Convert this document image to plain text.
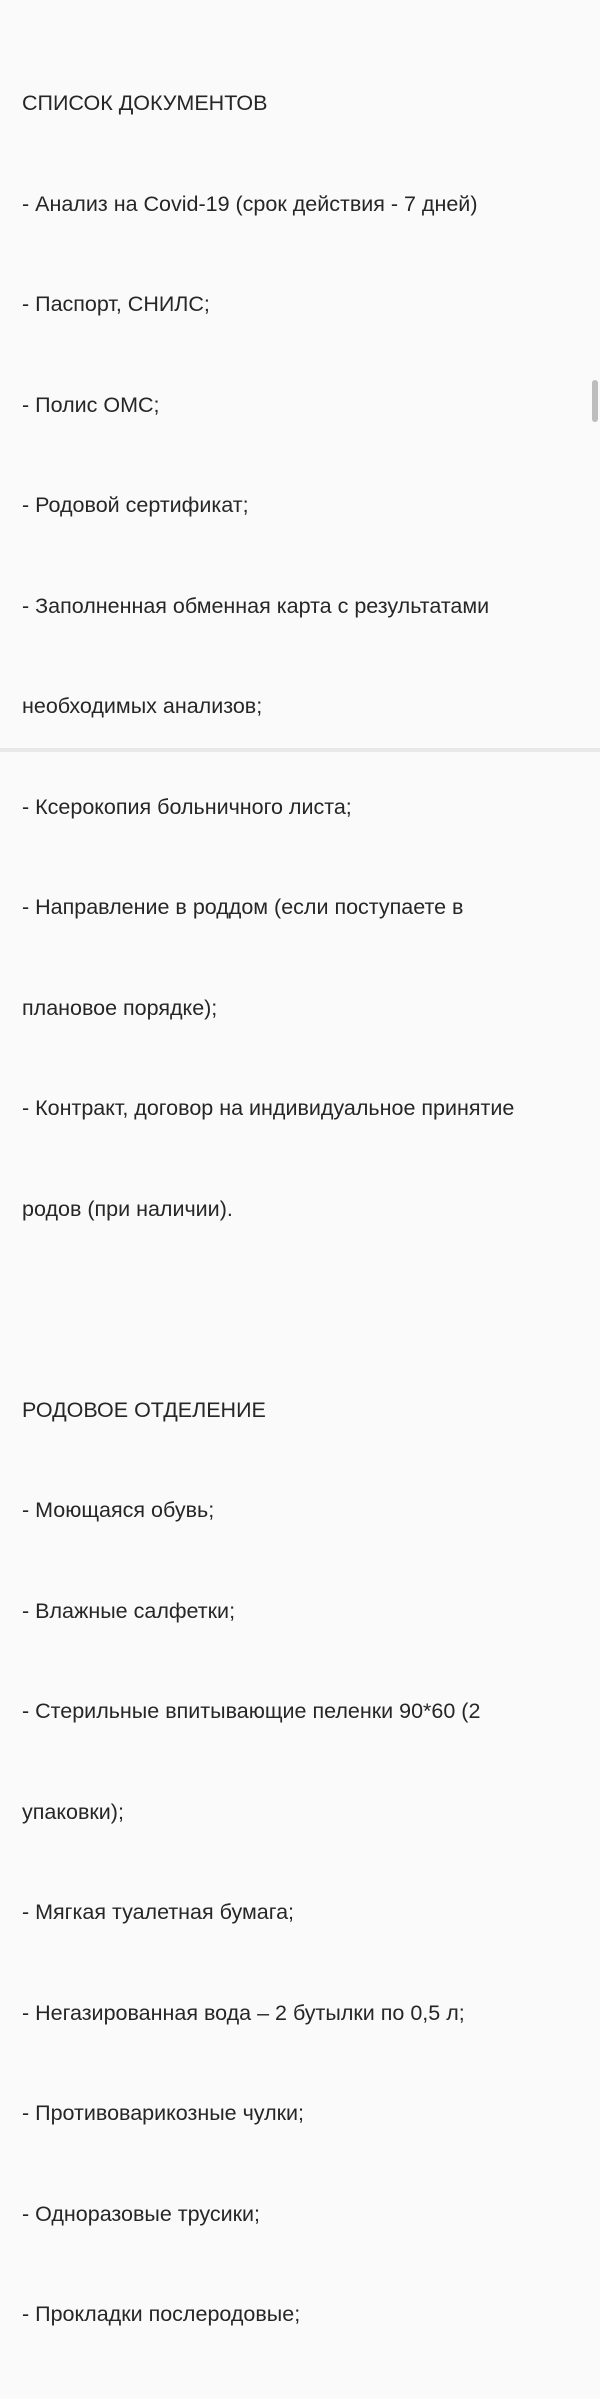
СПИСОК ДОКУМЕНТОВ

- Анализ на Covid-19 (срок действия - 7 дней)

- Паспорт, СНИЛС;

- Полис ОМС;

- Родовой сертификат;

- Заполненная обменная карта с результатами

необходимых анализов;

- Ксерокопия больничного листа;

- Направление в роддом (если поступаете в

плановое порядке);

- Контракт, договор на индивидуальное принятие

родов (при наличии).

РОДОВОЕ ОТДЕЛЕНИЕ

- Моющаяся обувь;

- Влажные салфетки;

- Стерильные впитывающие пеленки 90*60 (2

упаковки);

- Мягкая туалетная бумага;

- Негазированная вода – 2 бутылки по 0,5 л;

- Противоварикозные чулки;

- Одноразовые трусики;

- Прокладки послеродовые;
